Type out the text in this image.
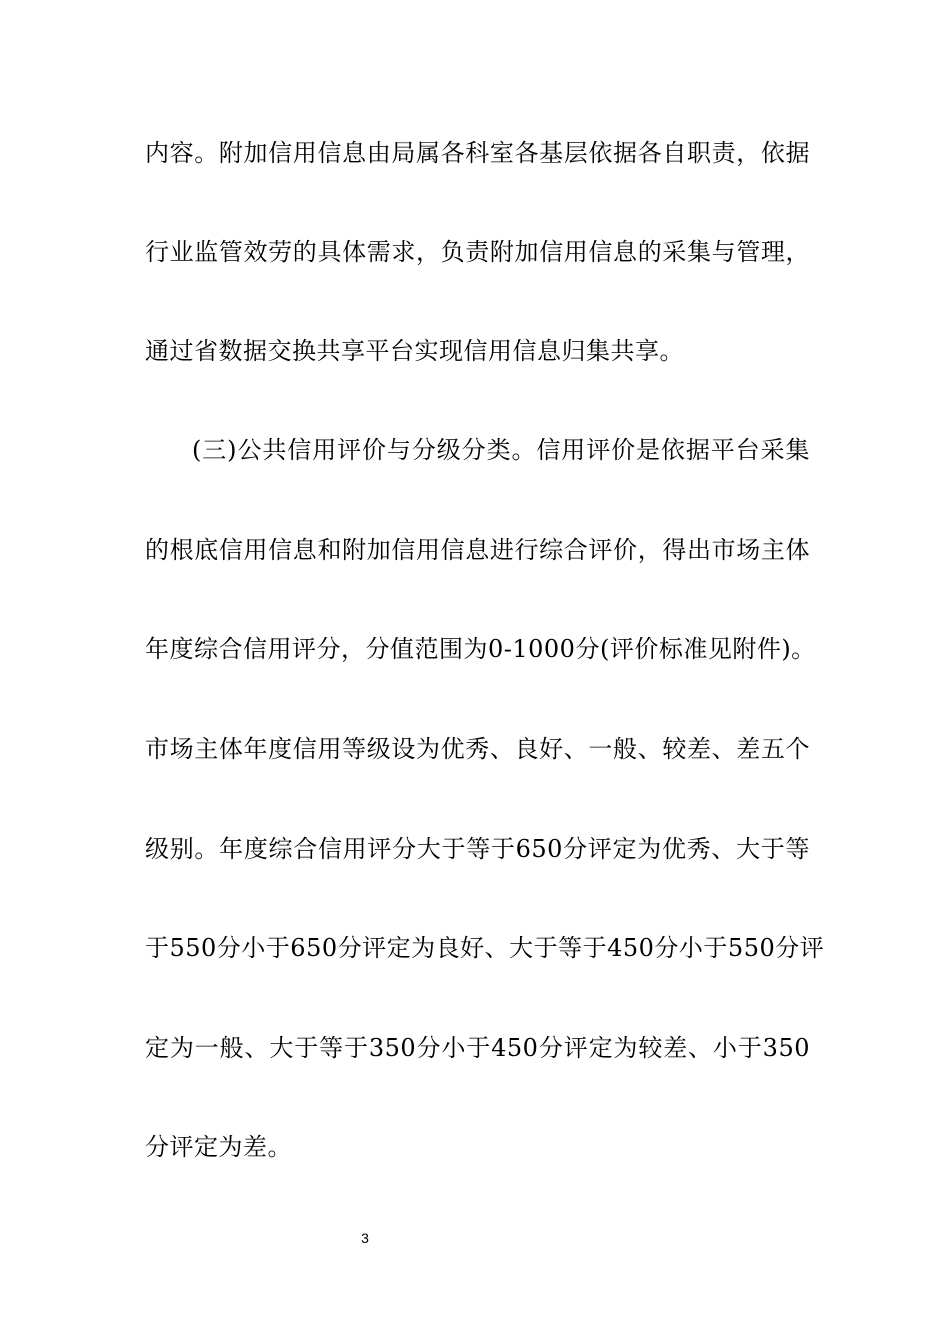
内容。附加信用信息由局属各科室各基层依据各自职责，依据
行业监管效劳的具体需求，负责附加信用信息的采集与管理，
通过省数据交换共享平台实现信用信息归集共享。
(三)公共信用评价与分级分类。信用评价是依据平台采集
的根底信用信息和附加信用信息进行综合评价，得出市场主体
年度综合信用评分，分值范围为0-1000分(评价标准见附件)。
市场主体年度信用等级设为优秀、良好、一般、较差、差五个
级别。年度综合信用评分大于等于650分评定为优秀、大于等
于550分小于650分评定为良好、大于等于450分小于550分评
定为一般、大于等于350分小于450分评定为较差、小于350
分评定为差。
3
